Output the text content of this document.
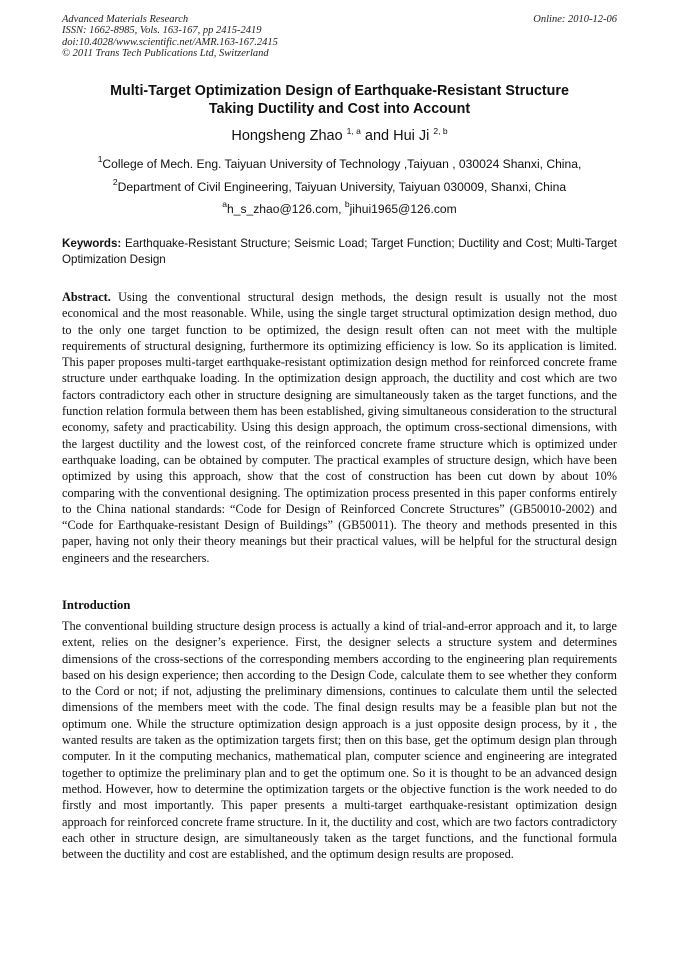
Advanced Materials Research
ISSN: 1662-8985, Vols. 163-167, pp 2415-2419
doi:10.4028/www.scientific.net/AMR.163-167.2415
© 2011 Trans Tech Publications Ltd, Switzerland
Online: 2010-12-06
Multi-Target Optimization Design of Earthquake-Resistant Structure
Taking Ductility and Cost into Account
Hongsheng Zhao $^{1, a}$ and Hui Ji $^{2, b}$
$^1$College of Mech. Eng. Taiyuan University of Technology ,Taiyuan , 030024 Shanxi, China,
$^2$Department of Civil Engineering, Taiyuan University, Taiyuan 030009, Shanxi, China
$^a$h_s_zhao@126.com, $^b$jihui1965@126.com
Keywords: Earthquake-Resistant Structure; Seismic Load; Target Function; Ductility and Cost; Multi-Target Optimization Design
Abstract. Using the conventional structural design methods, the design result is usually not the most economical and the most reasonable. While, using the single target structural optimization design method, duo to the only one target function to be optimized, the design result often can not meet with the multiple requirements of structural designing, furthermore its optimizing efficiency is low. So its application is limited. This paper proposes multi-target earthquake-resistant optimization design method for reinforced concrete frame structure under earthquake loading. In the optimization design approach, the ductility and cost which are two factors contradictory each other in structure designing are simultaneously taken as the target functions, and the function relation formula between them has been established, giving simultaneous consideration to the structural economy, safety and practicability. Using this design approach, the optimum cross-sectional dimensions, with the largest ductility and the lowest cost, of the reinforced concrete frame structure which is optimized under earthquake loading, can be obtained by computer. The practical examples of structure design, which have been optimized by using this approach, show that the cost of construction has been cut down by about 10% comparing with the conventional designing. The optimization process presented in this paper conforms entirely to the China national standards: “Code for Design of Reinforced Concrete Structures” (GB50010-2002) and “Code for Earthquake-resistant Design of Buildings” (GB50011). The theory and methods presented in this paper, having not only their theory meanings but their practical values, will be helpful for the structural design engineers and the researchers.
Introduction
The conventional building structure design process is actually a kind of trial-and-error approach and it, to large extent, relies on the designer’s experience. First, the designer selects a structure system and determines dimensions of the cross-sections of the corresponding members according to the engineering plan requirements based on his design experience; then according to the Design Code, calculate them to see whether they conform to the Cord or not; if not, adjusting the preliminary dimensions, continues to calculate them until the selected dimensions of the members meet with the code. The final design results may be a feasible plan but not the optimum one. While the structure optimization design approach is a just opposite design process, by it , the wanted results are taken as the optimization targets first; then on this base, get the optimum design plan through computer. In it the computing mechanics, mathematical plan, computer science and engineering are integrated together to optimize the preliminary plan and to get the optimum one. So it is thought to be an advanced design method. However, how to determine the optimization targets or the objective function is the work needed to do firstly and most importantly. This paper presents a multi-target earthquake-resistant optimization design approach for reinforced concrete frame structure. In it, the ductility and cost, which are two factors contradictory each other in structure design, are simultaneously taken as the target functions, and the functional formula between the ductility and cost are established, and the optimum design results are proposed.
